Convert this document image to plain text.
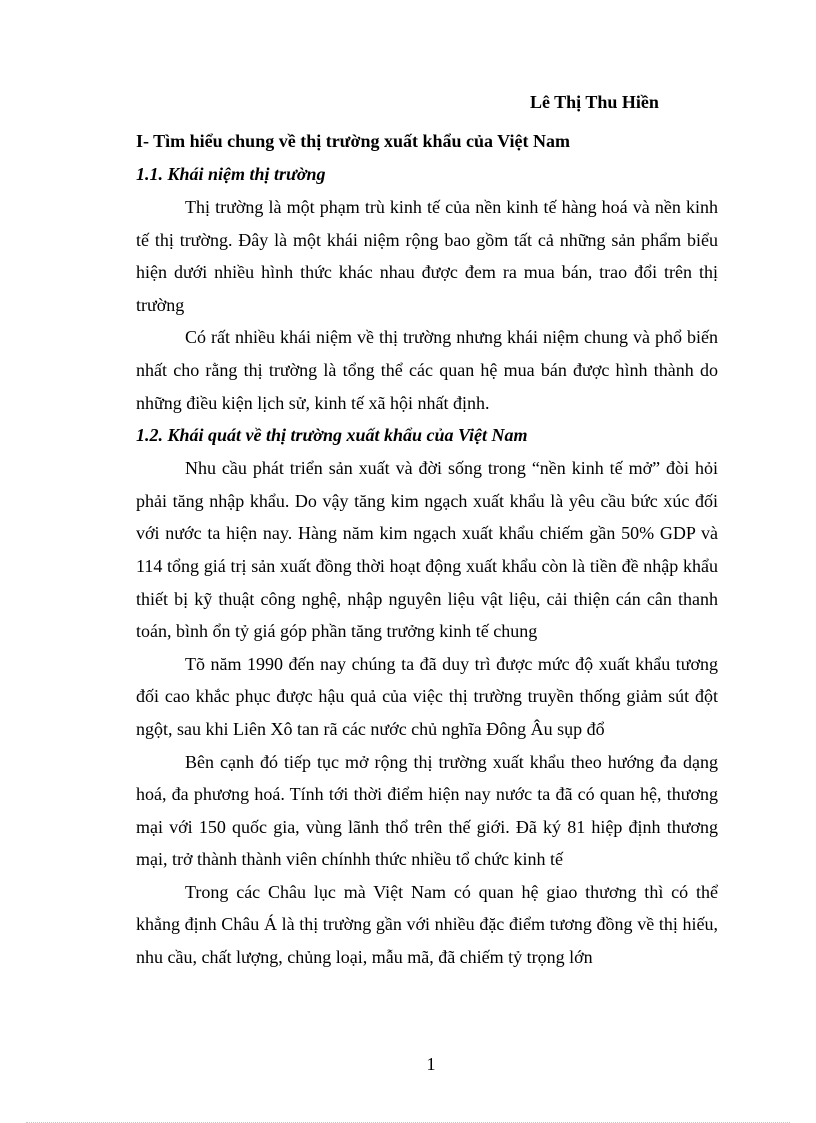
Lê Thị Thu Hiền

I- Tìm hiểu chung về thị trường xuất khẩu của Việt Nam

1.1. Khái niệm thị trường

Thị trường là một phạm trù kinh tế của nền kinh tế hàng hoá và nền kinh tế thị trường. Đây là một khái niệm rộng bao gồm tất cả những sản phẩm biểu hiện dưới nhiều hình thức khác nhau được đem ra mua bán, trao đổi trên thị trường

Có rất nhiều khái niệm về thị trường nhưng khái niệm chung và phổ biến nhất cho rằng thị trường là tổng thể các quan hệ mua bán được hình thành do những điều kiện lịch sử, kinh tế xã hội nhất định.

1.2. Khái quát về thị trường xuất khẩu của Việt Nam

Nhu cầu phát triển sản xuất và đời sống trong “nền kinh tế mở” đòi hỏi phải tăng nhập khẩu. Do vậy tăng kim ngạch xuất khẩu là yêu cầu bức xúc đối với nước ta hiện nay. Hàng năm kim ngạch xuất khẩu chiếm gần 50% GDP và 114 tổng giá trị sản xuất đồng thời hoạt động xuất khẩu còn là tiền đề nhập khẩu thiết bị kỹ thuật công nghệ, nhập nguyên liệu vật liệu, cải thiện cán cân thanh toán, bình ổn tỷ giá góp phần tăng trưởng kinh tế chung

Tõ năm 1990 đến nay chúng ta đã duy trì được mức độ xuất khẩu tương đối cao khắc phục được hậu quả của việc thị trường truyền thống giảm sút đột ngột, sau khi Liên Xô tan rã các nước chủ nghĩa Đông Âu sụp đổ

Bên cạnh đó tiếp tục mở rộng thị trường xuất khẩu theo hướng đa dạng hoá, đa phương hoá. Tính tới thời điểm hiện nay nước ta đã có quan hệ, thương mại với 150 quốc gia, vùng lãnh thổ trên thế giới. Đã ký 81 hiệp định thương mại, trở thành thành viên chínhh thức nhiều tổ chức kinh tế

Trong các Châu lục mà Việt Nam có quan hệ giao thương thì có thể khẳng định Châu Á là thị trường gần với nhiều đặc điểm tương đồng về thị hiếu, nhu cầu, chất lượng, chủng loại, mẫu mã, đã chiếm tỷ trọng lớn

1
